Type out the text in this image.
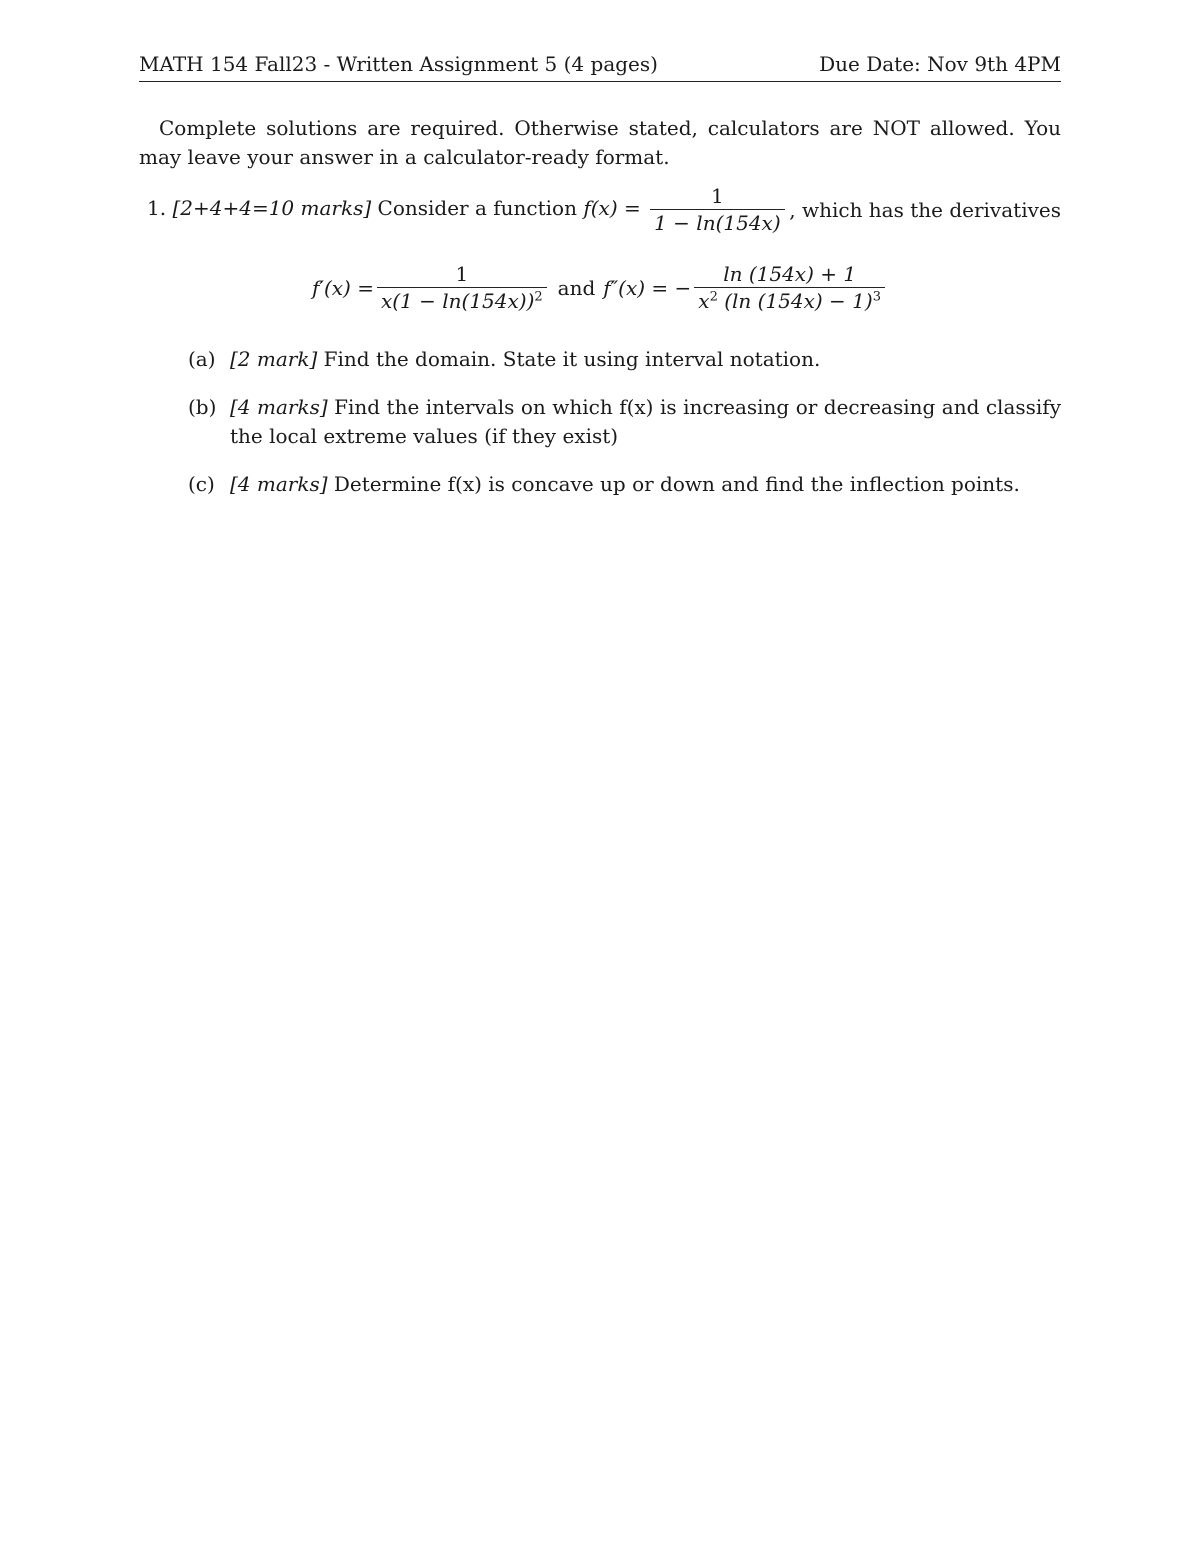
MATH 154 Fall23 - Written Assignment 5 (4 pages)	Due Date: Nov 9th 4PM
Complete solutions are required. Otherwise stated, calculators are NOT allowed. You may leave your answer in a calculator-ready format.
1. [2+4+4=10 marks] Consider a function $f(x) = \frac{1}{1 - \ln(154x)}$ , which has the derivatives
$f'(x) = \frac{1}{x(1 - \ln(154x))^2}$ and f″(x) = − $\frac{\ln (154x) + 1}{x^2 (\ln (154x) - 1)^3}$
(a) [2 mark] Find the domain. State it using interval notation.
(b) [4 marks] Find the intervals on which f(x) is increasing or decreasing and classify the local extreme values (if they exist)
(c) [4 marks] Determine f(x) is concave up or down and find the inflection points.
